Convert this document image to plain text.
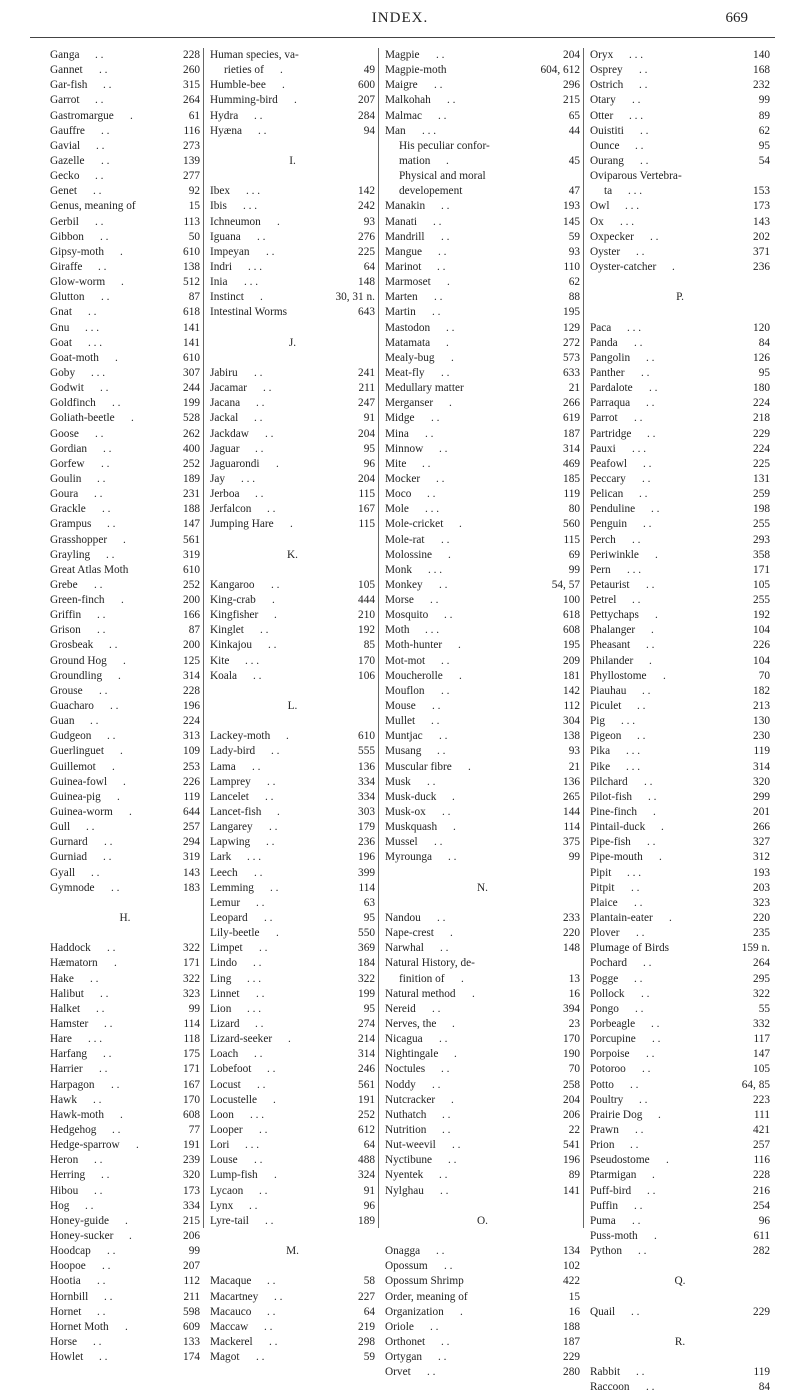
INDEX.	669
Ganga . .	228
Gannet . .	260
Gar-fish . .	315
Garrot . .	264
Gastromargue .	61
Gauffre . .	116
Gavial . .	273
Gazelle . .	139
Gecko . .	277
Genet . .	92
Genus, meaning of	15
Gerbil . .	113
Gibbon . .	50
Gipsy-moth .	610
Giraffe . .	138
Glow-worm .	512
Glutton . .	87
Gnat . .	618
Gnu . . .	141
Goat . . .	141
Goat-moth .	610
Goby . . .	307
Godwit . .	244
Goldfinch . .	199
Goliath-beetle .	528
Goose . .	262
Gordian . .	400
Gorfew . .	252
Goulin . .	189
Goura . .	231
Grackle . .	188
Grampus . .	147
Grasshopper .	561
Grayling . .	319
Great Atlas Moth	610
Grebe . .	252
Green-finch .	200
Griffin . .	166
Grison . .	87
Grosbeak . .	200
Ground Hog .	125
Groundling .	314
Grouse . .	228
Guacharo . .	196
Guan . .	224
Gudgeon . .	313
Guerlinguet .	109
Guillemot .	253
Guinea-fowl .	226
Guinea-pig .	119
Guinea-worm .	644
Gull . .	257
Gurnard . .	294
Gurniad . .	319
Gyall . .	143
Gymnode . .	183
H.
Haddock . .	322
Hæmatorn .	171
Hake . .	322
Halibut . .	323
Halket . .	99
Hamster . .	114
Hare . . .	118
Harfang . .	175
Harrier . .	171
Harpagon . .	167
Hawk . .	170
Hawk-moth .	608
Hedgehog . .	77
Hedge-sparrow .	191
Heron . .	239
Herring . .	320
Hibou . .	173
Hog . .	334
Honey-guide .	215
Honey-sucker .	206
Hoodcap . .	99
Hoopoe . .	207
Hootia . .	112
Hornbill . .	211
Hornet . .	598
Hornet Moth .	609
Horse . .	133
Howlet . .	174
Human species, va-
rieties of .	49
Humble-bee .	600
Humming-bird .	207
Hydra . .	284
Hyæna . .	94
I.
Ibex . . .	142
Ibis . . .	242
Ichneumon .	93
Iguana . .	276
Impeyan . .	225
Indri . . .	64
Inia . . .	148
Instinct .	30, 31 n.
Intestinal Worms	643
J.
Jabiru . .	241
Jacamar . .	211
Jacana . .	247
Jackal . .	91
Jackdaw . .	204
Jaguar . .	95
Jaguarondi .	96
Jay . . .	204
Jerboa . .	115
Jerfalcon . .	167
Jumping Hare .	115
K.
Kangaroo . .	105
King-crab .	444
Kingfisher .	210
Kinglet . .	192
Kinkajou . .	85
Kite . . .	170
Koala . .	106
L.
Lackey-moth .	610
Lady-bird . .	555
Lama . .	136
Lamprey . .	334
Lancelet . .	334
Lancet-fish .	303
Langarey . .	179
Lapwing . .	236
Lark . . .	196
Leech . .	399
Lemming . .	114
Lemur . .	63
Leopard . .	95
Lily-beetle .	550
Limpet . .	369
Lindo . .	184
Ling . . .	322
Linnet . .	199
Lion . . .	95
Lizard . .	274
Lizard-seeker .	214
Loach . .	314
Lobefoot . .	246
Locust . .	561
Locustelle .	191
Loon . . .	252
Looper . .	612
Lori . . .	64
Louse . .	488
Lump-fish .	324
Lycaon . .	91
Lynx . .	96
Lyre-tail . .	189
M.
Macaque . .	58
Macartney . .	227
Macauco . .	64
Maccaw . .	219
Mackerel . .	298
Magot . .	59
Magpie . .	204
Magpie-moth	604, 612
Maigre . .	296
Malkohah . .	215
Malmac . .	65
Man . . .	44
His peculiar confor-
mation .	45
Physical and moral
developement	47
Manakin . .	193
Manati . .	145
Mandrill . .	59
Mangue . .	93
Marinot . .	110
Marmoset .	62
Marten . .	88
Martin . .	195
Mastodon . .	129
Matamata .	272
Mealy-bug .	573
Meat-fly . .	633
Medullary matter	21
Merganser .	266
Midge . .	619
Mina . .	187
Minnow . .	314
Mite . .	469
Mocker . .	185
Moco . .	119
Mole . . .	80
Mole-cricket .	560
Mole-rat . .	115
Molossine .	69
Monk . . .	99
Monkey . .	54, 57
Morse . .	100
Mosquito . .	618
Moth . . .	608
Moth-hunter .	195
Mot-mot . .	209
Moucherolle .	181
Mouflon . .	142
Mouse . .	112
Mullet . .	304
Muntjac . .	138
Musang . .	93
Muscular fibre .	21
Musk . .	136
Musk-duck .	265
Musk-ox . .	144
Muskquash .	114
Mussel . .	375
Myrounga . .	99
N.
Nandou . .	233
Nape-crest .	220
Narwhal . .	148
Natural History, de-
finition of .	13
Natural method .	16
Nereid . .	394
Nerves, the .	23
Nicagua . .	170
Nightingale .	190
Noctules . .	70
Noddy . .	258
Nutcracker .	204
Nuthatch . .	206
Nutrition . .	22
Nut-weevil . .	541
Nyctibune . .	196
Nyentek . .	89
Nylghau . .	141
O.
Onagga . .	134
Opossum . .	102
Opossum Shrimp	422
Order, meaning of	15
Organization .	16
Oriole . .	188
Orthonet . .	187
Ortygan . .	229
Orvet . .	280
Oryx . . .	140
Osprey . .	168
Ostrich . .	232
Otary . .	99
Otter . . .	89
Ouistiti . .	62
Ounce . .	95
Ourang . .	54
Oviparous Vertebra-
ta . . .	153
Owl . . .	173
Ox . . .	143
Oxpecker . .	202
Oyster . .	371
Oyster-catcher .	236
P.
Paca . . .	120
Panda . .	84
Pangolin . .	126
Panther . .	95
Pardalote . .	180
Parraqua . .	224
Parrot . .	218
Partridge . .	229
Pauxi . . .	224
Peafowl . .	225
Peccary . .	131
Pelican . .	259
Penduline . .	198
Penguin . .	255
Perch . .	293
Periwinkle .	358
Pern . . .	171
Petaurist . .	105
Petrel . .	255
Pettychaps .	192
Phalanger .	104
Pheasant . .	226
Philander .	104
Phyllostome .	70
Piauhau . .	182
Piculet . .	213
Pig . . .	130
Pigeon . .	230
Pika . . .	119
Pike . . .	314
Pilchard . .	320
Pilot-fish . .	299
Pine-finch .	201
Pintail-duck .	266
Pipe-fish . .	327
Pipe-mouth .	312
Pipit . . .	193
Pitpit . .	203
Plaice . .	323
Plantain-eater .	220
Plover . .	235
Plumage of Birds	159 n.
Pochard . .	264
Pogge . .	295
Pollock . .	322
Pongo . .	55
Porbeagle . .	332
Porcupine . .	117
Porpoise . .	147
Potoroo . .	105
Potto . .	64, 85
Poultry . .	223
Prairie Dog .	111
Prawn . .	421
Prion . .	257
Pseudostome .	116
Ptarmigan .	228
Puff-bird . .	216
Puffin . .	254
Puma . .	96
Puss-moth .	611
Python . .	282
Q.
Quail . .	229
R.
Rabbit . .	119
Raccoon . .	84
